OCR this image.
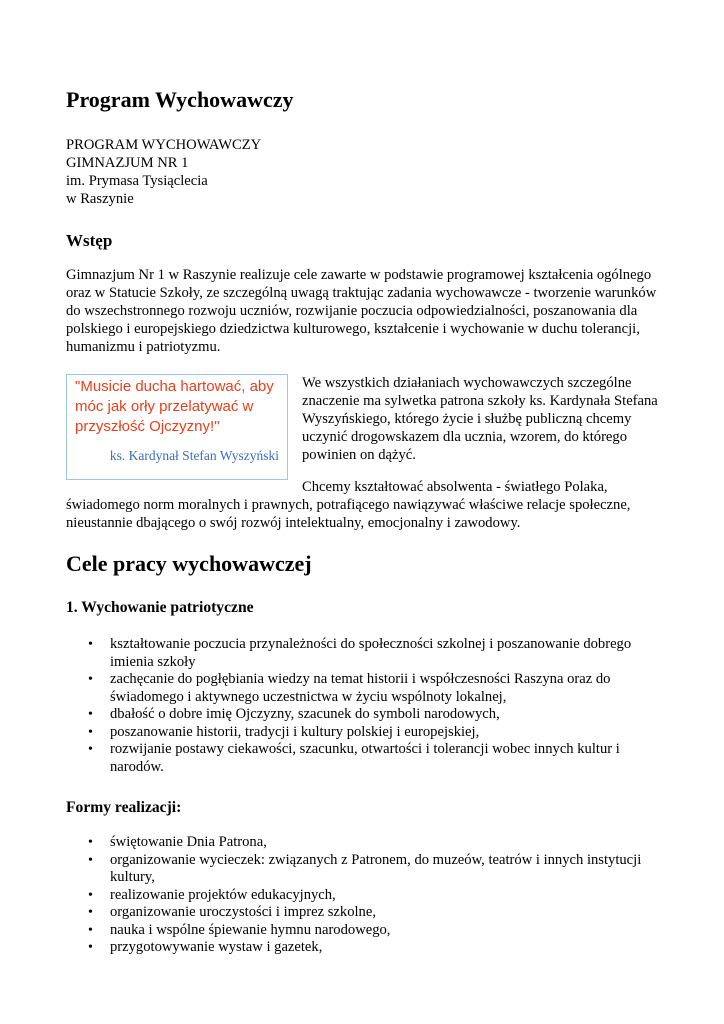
Program Wychowawczy
PROGRAM WYCHOWAWCZY
GIMNAZJUM NR 1
im. Prymasa Tysiąclecia
w Raszynie
Wstęp

Gimnazjum Nr 1 w Raszynie realizuje cele zawarte w podstawie programowej kształcenia ogólnego oraz w Statucie Szkoły, ze szczególną uwagą traktując zadania wychowawcze - tworzenie warunków do wszechstronnego rozwoju uczniów, rozwijanie poczucia odpowiedzialności, poszanowania dla polskiego i europejskiego dziedzictwa kulturowego, kształcenie i wychowanie w duchu tolerancji, humanizmu i patriotyzmu.

"Musicie ducha hartować, aby móc jak orły przelatywać w przyszłość Ojczyzny!"
ks. Kardynał Stefan Wyszyński

We wszystkich działaniach wychowawczych szczególne znaczenie ma sylwetka patrona szkoły ks. Kardynała Stefana Wyszyńskiego, którego życie i służbę publiczną chcemy uczynić drogowskazem dla ucznia, wzorem, do którego powinien on dążyć.

Chcemy kształtować absolwenta - światłego Polaka, świadomego norm moralnych i prawnych, potrafiącego nawiązywać właściwe relacje społeczne, nieustannie dbającego o swój rozwój intelektualny, emocjonalny i zawodowy.

Cele pracy wychowawczej
1. Wychowanie patriotyczne
• kształtowanie poczucia przynależności do społeczności szkolnej i poszanowanie dobrego imienia szkoły
• zachęcanie do pogłębiania wiedzy na temat historii i współczesności Raszyna oraz do świadomego i aktywnego uczestnictwa w życiu wspólnoty lokalnej,
• dbałość o dobre imię Ojczyzny, szacunek do symboli narodowych,
• poszanowanie historii, tradycji i kultury polskiej i europejskiej,
• rozwijanie postawy ciekawości, szacunku, otwartości i tolerancji wobec innych kultur i narodów.
Formy realizacji:
• świętowanie Dnia Patrona,
• organizowanie wycieczek: związanych z Patronem, do muzeów, teatrów i innych instytucji kultury,
• realizowanie projektów edukacyjnych,
• organizowanie uroczystości i imprez szkolne,
• nauka i wspólne śpiewanie hymnu narodowego,
• przygotowywanie wystaw i gazetek,
